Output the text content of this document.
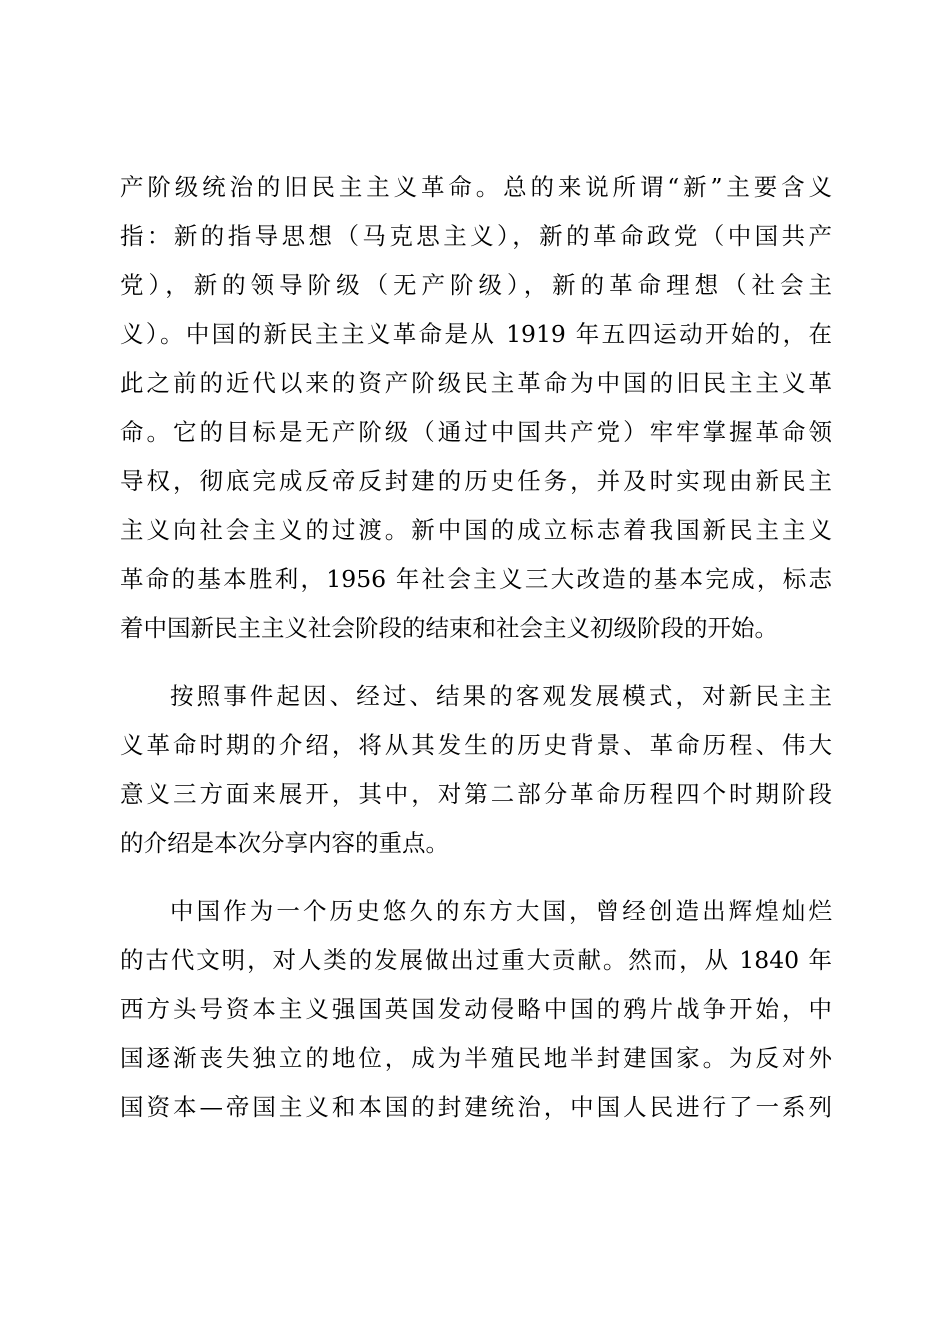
产阶级统治的旧民主主义革命。总的来说所谓“新”主要含义
指：新的指导思想（马克思主义），新的革命政党（中国共产
党），新的领导阶级（无产阶级），新的革命理想（社会主
义）。中国的新民主主义革命是从 1919 年五四运动开始的，在
此之前的近代以来的资产阶级民主革命为中国的旧民主主义革
命。它的目标是无产阶级（通过中国共产党）牢牢掌握革命领
导权，彻底完成反帝反封建的历史任务，并及时实现由新民主
主义向社会主义的过渡。新中国的成立标志着我国新民主主义
革命的基本胜利，1956 年社会主义三大改造的基本完成，标志
着中国新民主主义社会阶段的结束和社会主义初级阶段的开始。
按照事件起因、经过、结果的客观发展模式，对新民主主
义革命时期的介绍，将从其发生的历史背景、革命历程、伟大
意义三方面来展开，其中，对第二部分革命历程四个时期阶段
的介绍是本次分享内容的重点。
中国作为一个历史悠久的东方大国，曾经创造出辉煌灿烂
的古代文明，对人类的发展做出过重大贡献。然而，从 1840 年
西方头号资本主义强国英国发动侵略中国的鸦片战争开始，中
国逐渐丧失独立的地位，成为半殖民地半封建国家。为反对外
国资本—帝国主义和本国的封建统治，中国人民进行了一系列
